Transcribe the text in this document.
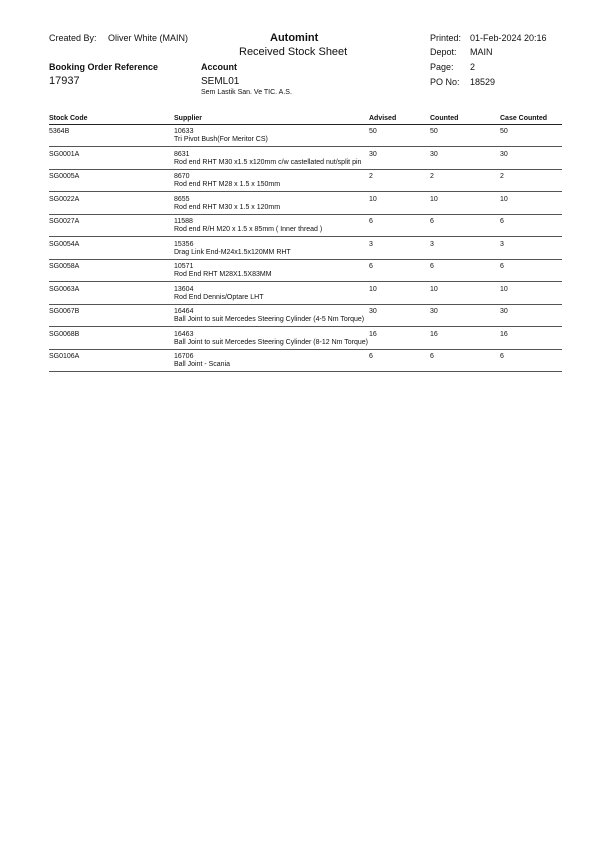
Created By: Oliver White (MAIN)	Automint
Received Stock Sheet
Printed: 01-Feb-2024 20:16
Depot: MAIN
Page: 2
PO No: 18529
Booking Order Reference
17937
Account
SEML01
Sem Lastik San. Ve TIC. A.S.
Stock Code	Supplier	Advised	Counted	Case Counted
5364B	10633	50	50	50
Tri Pivot Bush(For Meritor CS)
SG0001A	8631	30	30	30
Rod end RHT M30 x1.5 x120mm c/w castellated nut/split pin
SG0005A	8670	2	2	2
Rod end RHT M28 x 1.5 x 150mm
SG0022A	8655	10	10	10
Rod end RHT M30 x 1.5 x 120mm
SG0027A	11588	6	6	6
Rod end R/H M20 x 1.5 x 85mm ( Inner thread )
SG0054A	15356	3	3	3
Drag Link End-M24x1.5x120MM RHT
SG0058A	10571	6	6	6
Rod End RHT M28X1.5X83MM
SG0063A	13604	10	10	10
Rod End Dennis/Optare LHT
SG0067B	16464	30	30	30
Ball Joint to suit Mercedes Steering Cylinder (4-5 Nm Torque)
SG0068B	16463	16	16	16
Ball Joint to suit Mercedes Steering Cylinder (8-12 Nm Torque)
SG0106A	16706	6	6	6
Ball Joint - Scania
